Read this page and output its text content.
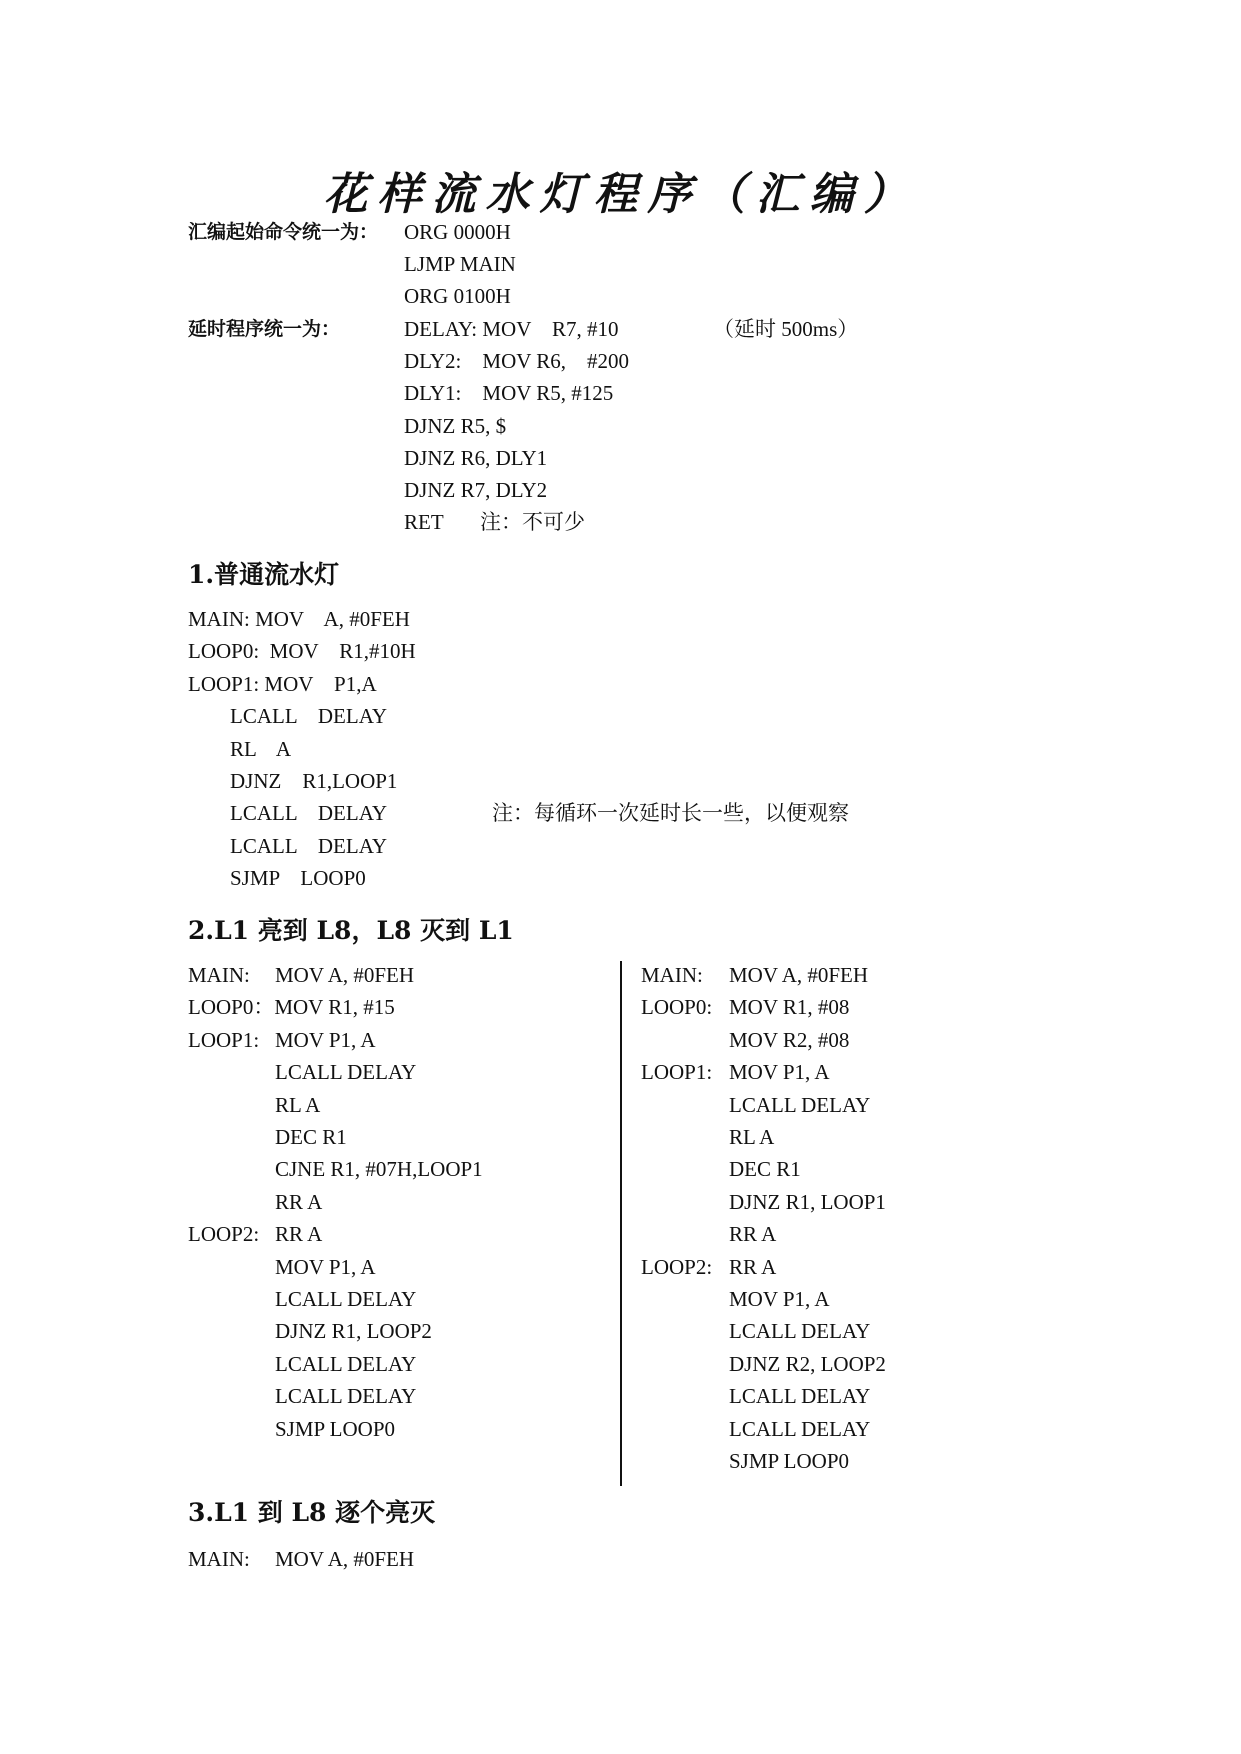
花样流水灯程序（汇编）
汇编起始命令统一为： ORG 0000H
LJMP MAIN
ORG 0100H
延时程序统一为：	DELAY: MOV    R7, #10	（延时 500ms）
DLY2:    MOV R6,    #200
DLY1:    MOV R5, #125
DJNZ R5, $
DJNZ R6, DLY1
DJNZ R7, DLY2
RET       注：不可少
1.普通流水灯
MAIN: MOV    A, #0FEH
LOOP0:  MOV    R1,#10H
LOOP1: MOV    P1,A
LCALL    DELAY
RL    A
DJNZ    R1,LOOP1
LCALL    DELAY
LCALL    DELAY
SJMP    LOOP0
注：每循环一次延时长一些，以便观察
2.L1 亮到 L8，L8 灭到 L1
MAIN: MOV A, #0FEH
LOOP0：MOV R1, #15
LOOP1: MOV P1, A
LCALL DELAY
RL A
DEC R1
CJNE R1, #07H,LOOP1
RR A
LOOP2: RR A
MOV P1, A
LCALL DELAY
DJNZ R1, LOOP2
LCALL DELAY
LCALL DELAY
SJMP LOOP0
MAIN: MOV A, #0FEH
LOOP0: MOV R1, #08
MOV R2, #08
LOOP1: MOV P1, A
LCALL DELAY
RL A
DEC R1
DJNZ R1, LOOP1
RR A
LOOP2: RR A
MOV P1, A
LCALL DELAY
DJNZ R2, LOOP2
LCALL DELAY
LCALL DELAY
SJMP LOOP0
3.L1 到 L8 逐个亮灭
MAIN: MOV A, #0FEH
